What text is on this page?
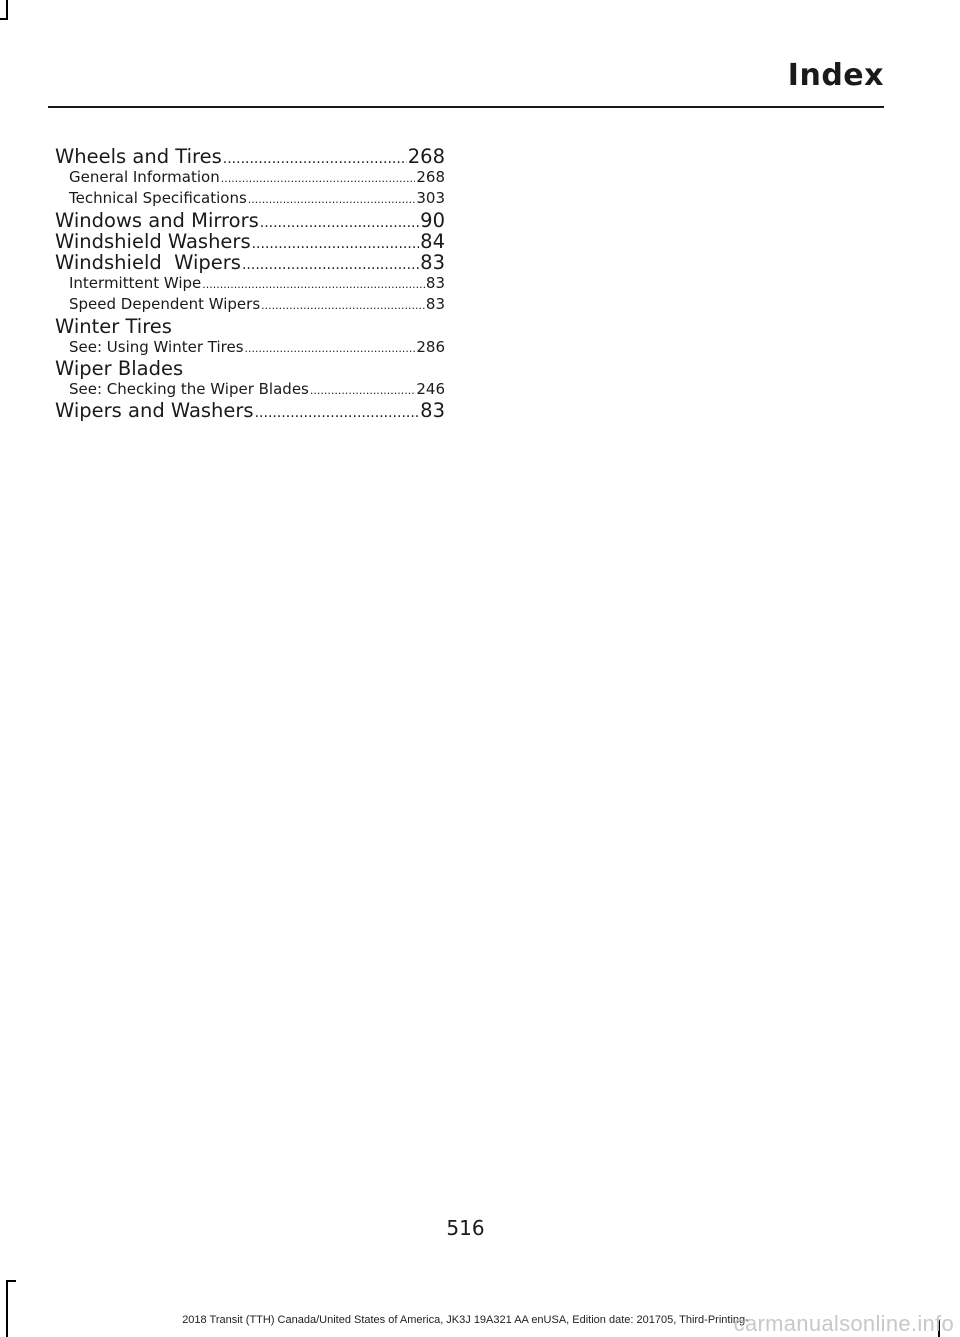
Index
Wheels and Tires .....	268
General Information .....	268
Technical Specifications .....	303
Windows and Mirrors .....	90
Windshield Washers .....	84
Windshield  Wipers .....	83
Intermittent Wipe .....	83
Speed Dependent Wipers .....	83
Winter Tires
See: Using Winter Tires .....	286
Wiper Blades
See: Checking the Wiper Blades .....	246
Wipers and Washers .....	83
516
2018 Transit (TTH) Canada/United States of America, JK3J 19A321 AA enUSA, Edition date: 201705, Third-Printing-
carmanualsonline.info
